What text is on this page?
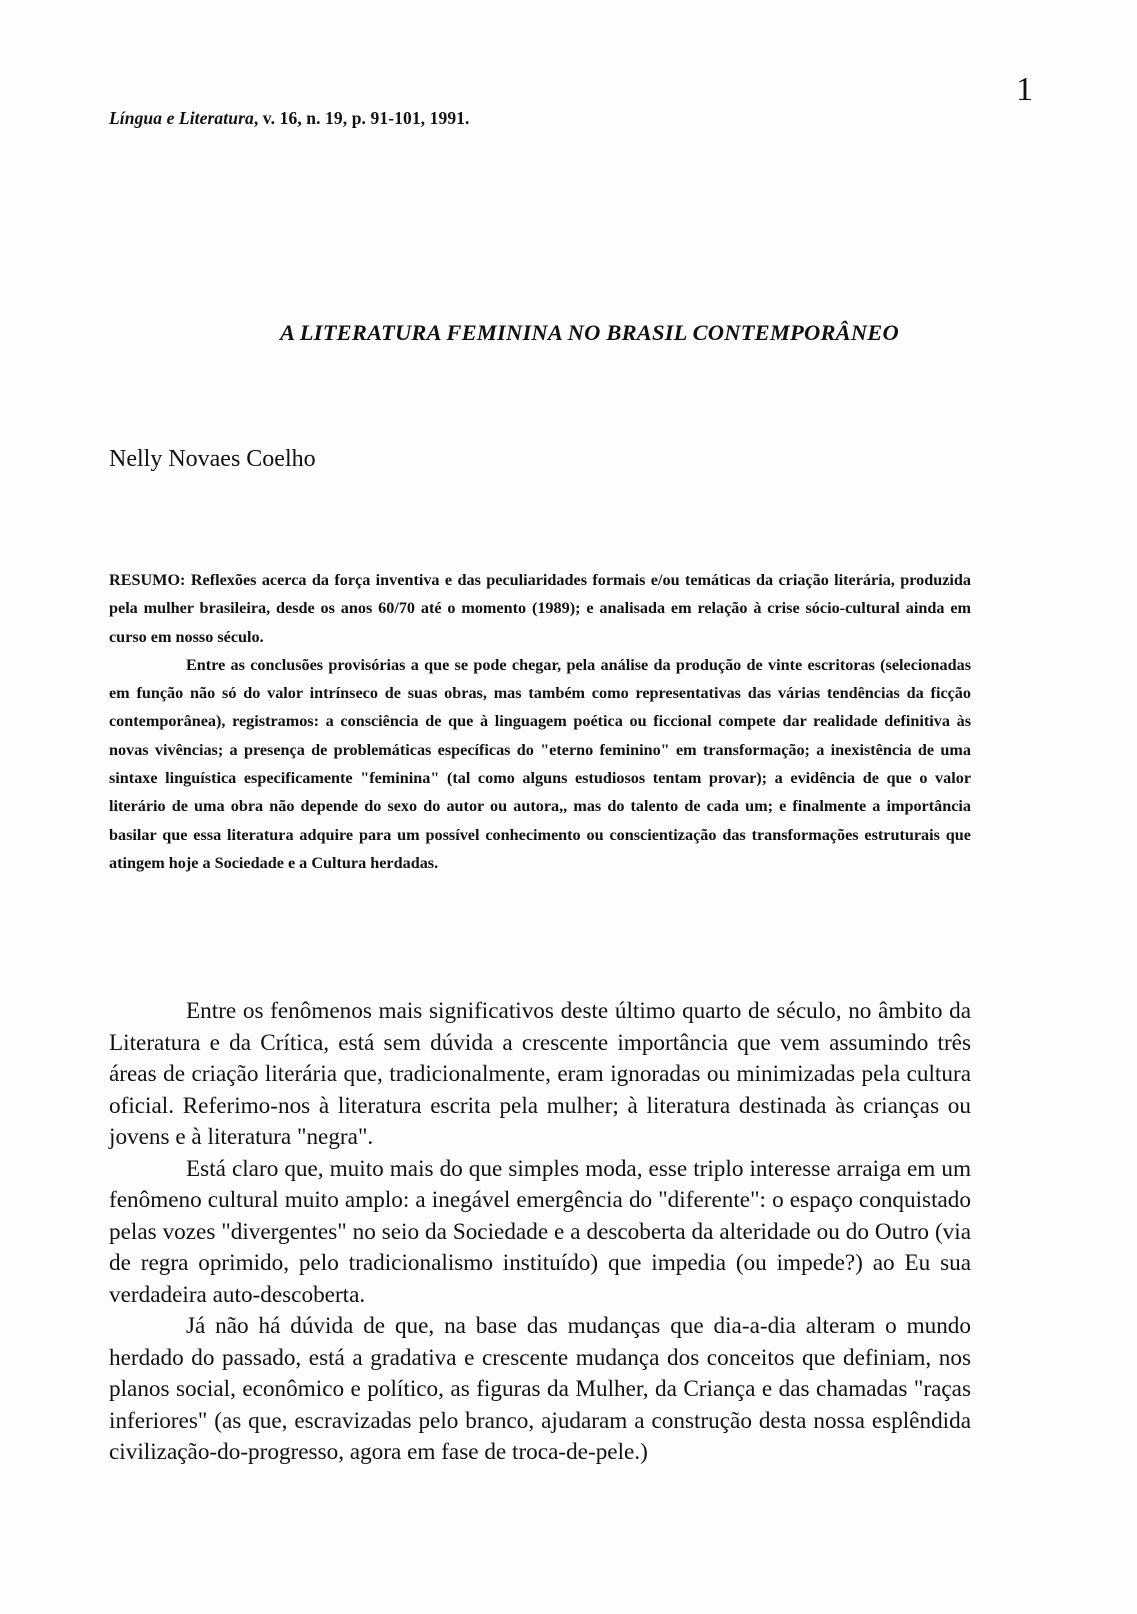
1
Língua e Literatura, v. 16, n. 19, p. 91-101, 1991.
A LITERATURA FEMININA NO BRASIL CONTEMPORÂNEO
Nelly Novaes Coelho

RESUMO: Reflexões acerca da força inventiva e das peculiaridades formais e/ou temáticas da criação literária, produzida pela mulher brasileira, desde os anos 60/70 até o momento (1989); e analisada em relação à crise sócio-cultural ainda em curso em nosso século.

Entre as conclusões provisórias a que se pode chegar, pela análise da produção de vinte escritoras (selecionadas em função não só do valor intrínseco de suas obras, mas também como representativas das várias tendências da ficção contemporânea), registramos: a consciência de que à linguagem poética ou ficcional compete dar realidade definitiva às novas vivências; a presença de problemáticas específicas do "eterno feminino" em transformação; a inexistência de uma sintaxe linguística especificamente "feminina" (tal como alguns estudiosos tentam provar); a evidência de que o valor literário de uma obra não depende do sexo do autor ou autora,, mas do talento de cada um; e finalmente a importância basilar que essa literatura adquire para um possível conhecimento ou conscientização das transformações estruturais que atingem hoje a Sociedade e a Cultura herdadas.

Entre os fenômenos mais significativos deste último quarto de século, no âmbito da Literatura e da Crítica, está sem dúvida a crescente importância que vem assumindo três áreas de criação literária que, tradicionalmente, eram ignoradas ou minimizadas pela cultura oficial. Referimo-nos à literatura escrita pela mulher; à literatura destinada às crianças ou jovens e à literatura "negra".

Está claro que, muito mais do que simples moda, esse triplo interesse arraiga em um fenômeno cultural muito amplo: a inegável emergência do "diferente": o espaço conquistado pelas vozes "divergentes" no seio da Sociedade e a descoberta da alteridade ou do Outro (via de regra oprimido, pelo tradicionalismo instituído) que impedia (ou impede?) ao Eu sua verdadeira auto-descoberta.

Já não há dúvida de que, na base das mudanças que dia-a-dia alteram o mundo herdado do passado, está a gradativa e crescente mudança dos conceitos que definiam, nos planos social, econômico e político, as figuras da Mulher, da Criança e das chamadas "raças inferiores" (as que, escravizadas pelo branco, ajudaram a construção desta nossa esplêndida civilização-do-progresso, agora em fase de troca-de-pele.)
